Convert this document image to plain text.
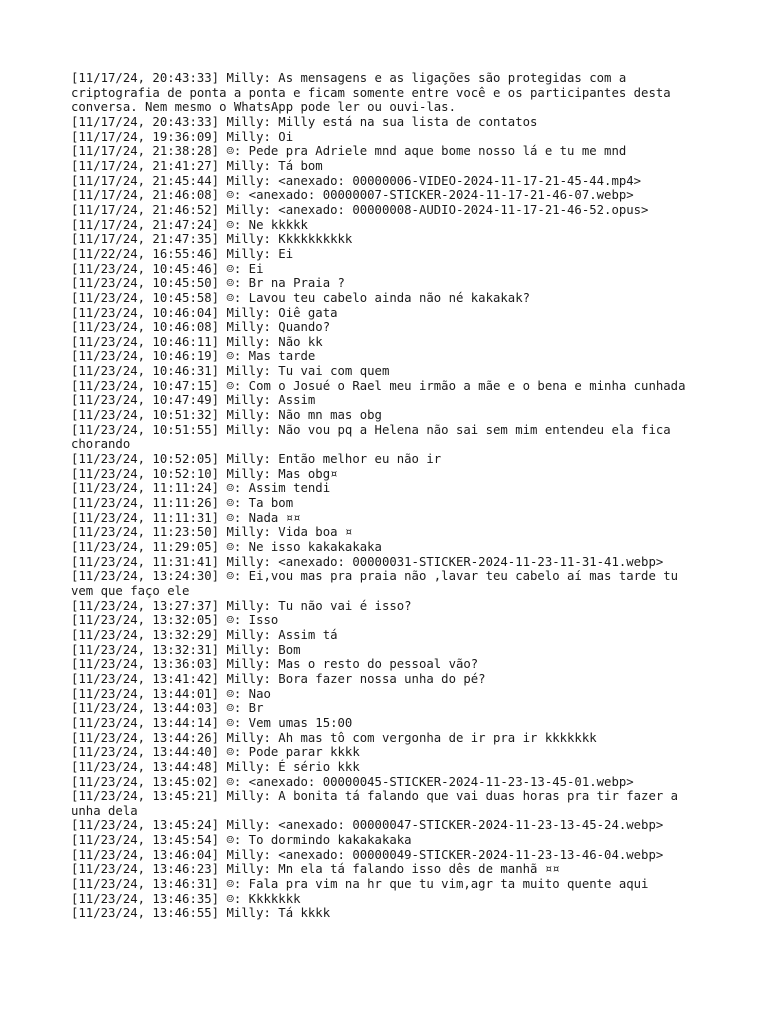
[11/17/24, 20:43:33] Milly: As mensagens e as ligações são protegidas com a criptografia de ponta a ponta e ficam somente entre você e os participantes desta conversa. Nem mesmo o WhatsApp pode ler ou ouvi-las.
[11/17/24, 20:43:33] Milly: Milly está na sua lista de contatos
[11/17/24, 19:36:09] Milly: Oi
[11/17/24, 21:38:28] ☺: Pede pra Adriele mnd aque bome nosso lá e tu me mnd
[11/17/24, 21:41:27] Milly: Tá bom
[11/17/24, 21:45:44] Milly: <anexado: 00000006-VIDEO-2024-11-17-21-45-44.mp4>
[11/17/24, 21:46:08] ☺: <anexado: 00000007-STICKER-2024-11-17-21-46-07.webp>
[11/17/24, 21:46:52] Milly: <anexado: 00000008-AUDIO-2024-11-17-21-46-52.opus>
[11/17/24, 21:47:24] ☺: Ne kkkkk
[11/17/24, 21:47:35] Milly: Kkkkkkkkkk
[11/22/24, 16:55:46] Milly: Ei
[11/23/24, 10:45:46] ☺: Ei
[11/23/24, 10:45:50] ☺: Br na Praia ?
[11/23/24, 10:45:58] ☺: Lavou teu cabelo ainda não né kakakak?
[11/23/24, 10:46:04] Milly: Oiê gata
[11/23/24, 10:46:08] Milly: Quando?
[11/23/24, 10:46:11] Milly: Não kk
[11/23/24, 10:46:19] ☺: Mas tarde
[11/23/24, 10:46:31] Milly: Tu vai com quem
[11/23/24, 10:47:15] ☺: Com o Josué o Rael meu irmão a mãe e o bena e minha cunhada
[11/23/24, 10:47:49] Milly: Assim
[11/23/24, 10:51:32] Milly: Não mn mas obg
[11/23/24, 10:51:55] Milly: Não vou pq a Helena não sai sem mim entendeu ela fica chorando
[11/23/24, 10:52:05] Milly: Então melhor eu não ir
[11/23/24, 10:52:10] Milly: Mas obg¤
[11/23/24, 11:11:24] ☺: Assim tendi
[11/23/24, 11:11:26] ☺: Ta bom
[11/23/24, 11:11:31] ☺: Nada ¤¤
[11/23/24, 11:23:50] Milly: Vida boa ¤
[11/23/24, 11:29:05] ☺: Ne isso kakakakaka
[11/23/24, 11:31:41] Milly: <anexado: 00000031-STICKER-2024-11-23-11-31-41.webp>
[11/23/24, 13:24:30] ☺: Ei,vou mas pra praia não ,lavar teu cabelo aí mas tarde tu vem que faço ele
[11/23/24, 13:27:37] Milly: Tu não vai é isso?
[11/23/24, 13:32:05] ☺: Isso
[11/23/24, 13:32:29] Milly: Assim tá
[11/23/24, 13:32:31] Milly: Bom
[11/23/24, 13:36:03] Milly: Mas o resto do pessoal vão?
[11/23/24, 13:41:42] Milly: Bora fazer nossa unha do pé?
[11/23/24, 13:44:01] ☺: Nao
[11/23/24, 13:44:03] ☺: Br
[11/23/24, 13:44:14] ☺: Vem umas 15:00
[11/23/24, 13:44:26] Milly: Ah mas tô com vergonha de ir pra ir kkkkkkk
[11/23/24, 13:44:40] ☺: Pode parar kkkk
[11/23/24, 13:44:48] Milly: É sério kkk
[11/23/24, 13:45:02] ☺: <anexado: 00000045-STICKER-2024-11-23-13-45-01.webp>
[11/23/24, 13:45:21] Milly: A bonita tá falando que vai duas horas pra tir fazer a unha dela
[11/23/24, 13:45:24] Milly: <anexado: 00000047-STICKER-2024-11-23-13-45-24.webp>
[11/23/24, 13:45:54] ☺: To dormindo kakakakaka
[11/23/24, 13:46:04] Milly: <anexado: 00000049-STICKER-2024-11-23-13-46-04.webp>
[11/23/24, 13:46:23] Milly: Mn ela tá falando isso dês de manhã ¤¤
[11/23/24, 13:46:31] ☺: Fala pra vim na hr que tu vim,agr ta muito quente aqui
[11/23/24, 13:46:35] ☺: Kkkkkkk
[11/23/24, 13:46:55] Milly: Tá kkkk
